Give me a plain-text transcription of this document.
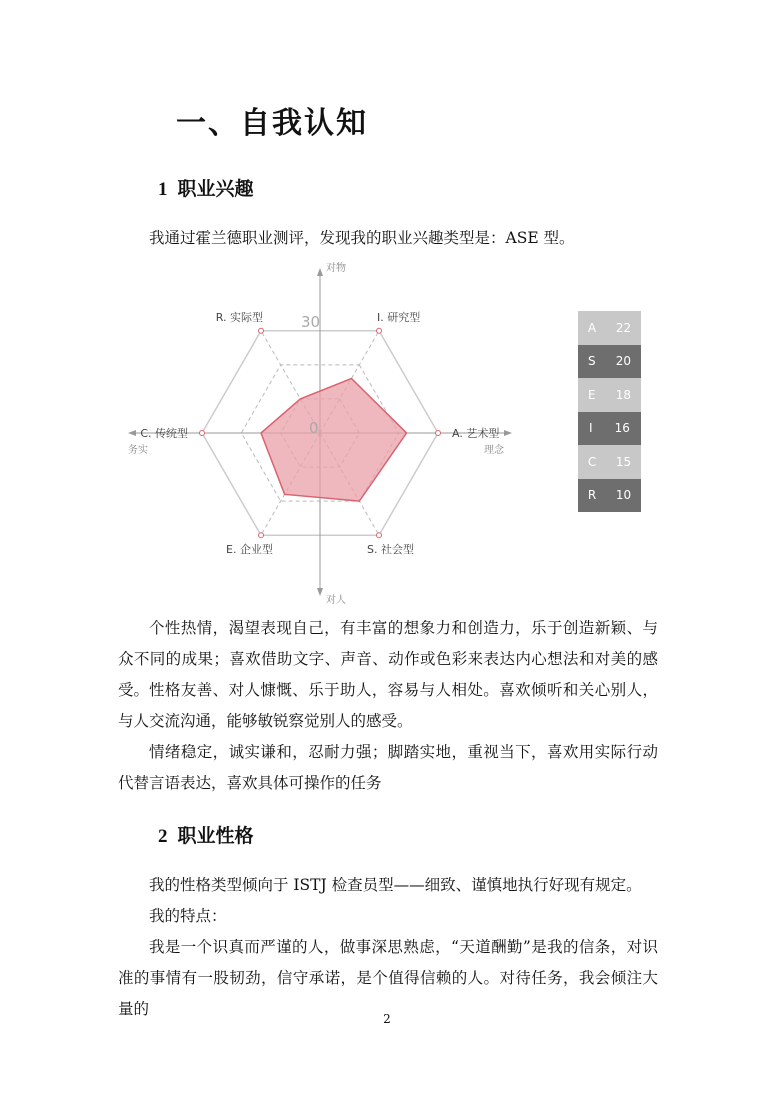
一、自我认知
1 职业兴趣
我通过霍兰德职业测评，发现我的职业兴趣类型是：ASE 型。
I. 研究型
A. 艺术型
S. 社会型
E. 企业型
C. 传统型
R. 实际型
对物
对人
务实	理念
30
0
A 22
S 20
E 18
I 16
C 15
R 10
个性热情，渴望表现自己，有丰富的想象力和创造力，乐于创造新颖、与众不同的成果；喜欢借助文字、声音、动作或色彩来表达内心想法和对美的感受。 性格友善、对人慷慨、乐于助人，容易与人相处。喜欢倾听和关心别人，与人交流沟通，能够敏锐察觉别人的感受。
情绪稳定，诚实谦和，忍耐力强；脚踏实地，重视当下，喜欢用实际行动代替言语表达，喜欢具体可操作的任务
2 职业性格
我的性格类型倾向于 ISTJ 检查员型——细致、谨慎地执行好现有规定。
我的特点：
我是一个识真而严谨的人，做事深思熟虑，“天道酬勤”是我的信条，对识准的事情有一股韧劲，信守承诺，是个值得信赖的人。对待任务，我会倾注大量的
2
